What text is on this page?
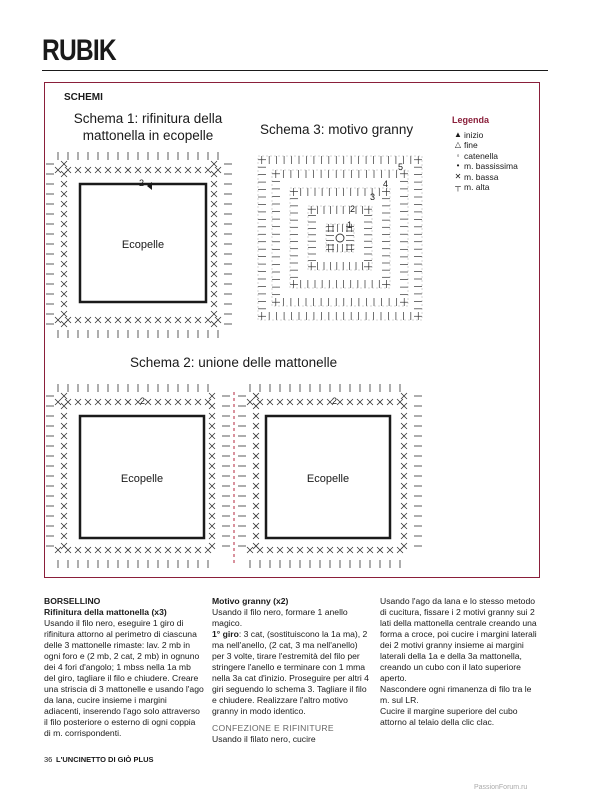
RUBIK
SCHEMI
Schema 1: rifinitura della mattonella in ecopelle	Schema 3: motivo granny
Schema 2: unione delle mattonelle
Legenda
▲ inizio
△ fine
◦ catenella
• m. bassissima
✕ m. bassa
┬ m. alta
Ecopelle
2
1
2
3
4
5
Ecopelle	Ecopelle
2	2

BORSELLINO

Rifinitura della mattonella (x3)

Usando il filo nero, eseguire 1 giro di rifinitura attorno al perimetro di ciascuna delle 3 mattonelle rimaste: lav. 2 mb in ogni foro e (2 mb, 2 cat, 2 mb) in ognuno dei 4 fori d'angolo; 1 mbss nella 1a mb del giro, tagliare il filo e chiudere. Creare una striscia di 3 mattonelle e usando l'ago da lana, cucire insieme i margini adiacenti, inserendo l'ago solo attraverso il filo posteriore o esterno di ogni coppia di m. corrispondenti.

Motivo granny (x2)

Usando il filo nero, formare 1 anello magico.

1° giro: 3 cat, (sostituiscono la 1a ma), 2 ma nell'anello, (2 cat, 3 ma nell'anello) per 3 volte, tirare l'estremità del filo per stringere l'anello e terminare con 1 mma nella 3a cat d'inizio. Proseguire per altri 4 giri seguendo lo schema 3. Tagliare il filo e chiudere. Realizzare l'altro motivo granny in modo identico.

CONFEZIONE E RIFINITURE

Usando il filato nero, cucire

Usando l'ago da lana e lo stesso metodo di cucitura, fissare i 2 motivi granny sui 2 lati della mattonella centrale creando una forma a croce, poi cucire i margini laterali dei 2 motivi granny insieme ai margini laterali della 1a e della 3a mattonella, creando un cubo con il lato superiore aperto.

Nascondere ogni rimanenza di filo tra le m. sul LR.

Cucire il margine superiore del cubo attorno al telaio della clic clac.

36 L'UNCINETTO DI GIÒ PLUS
PassionForum.ru
